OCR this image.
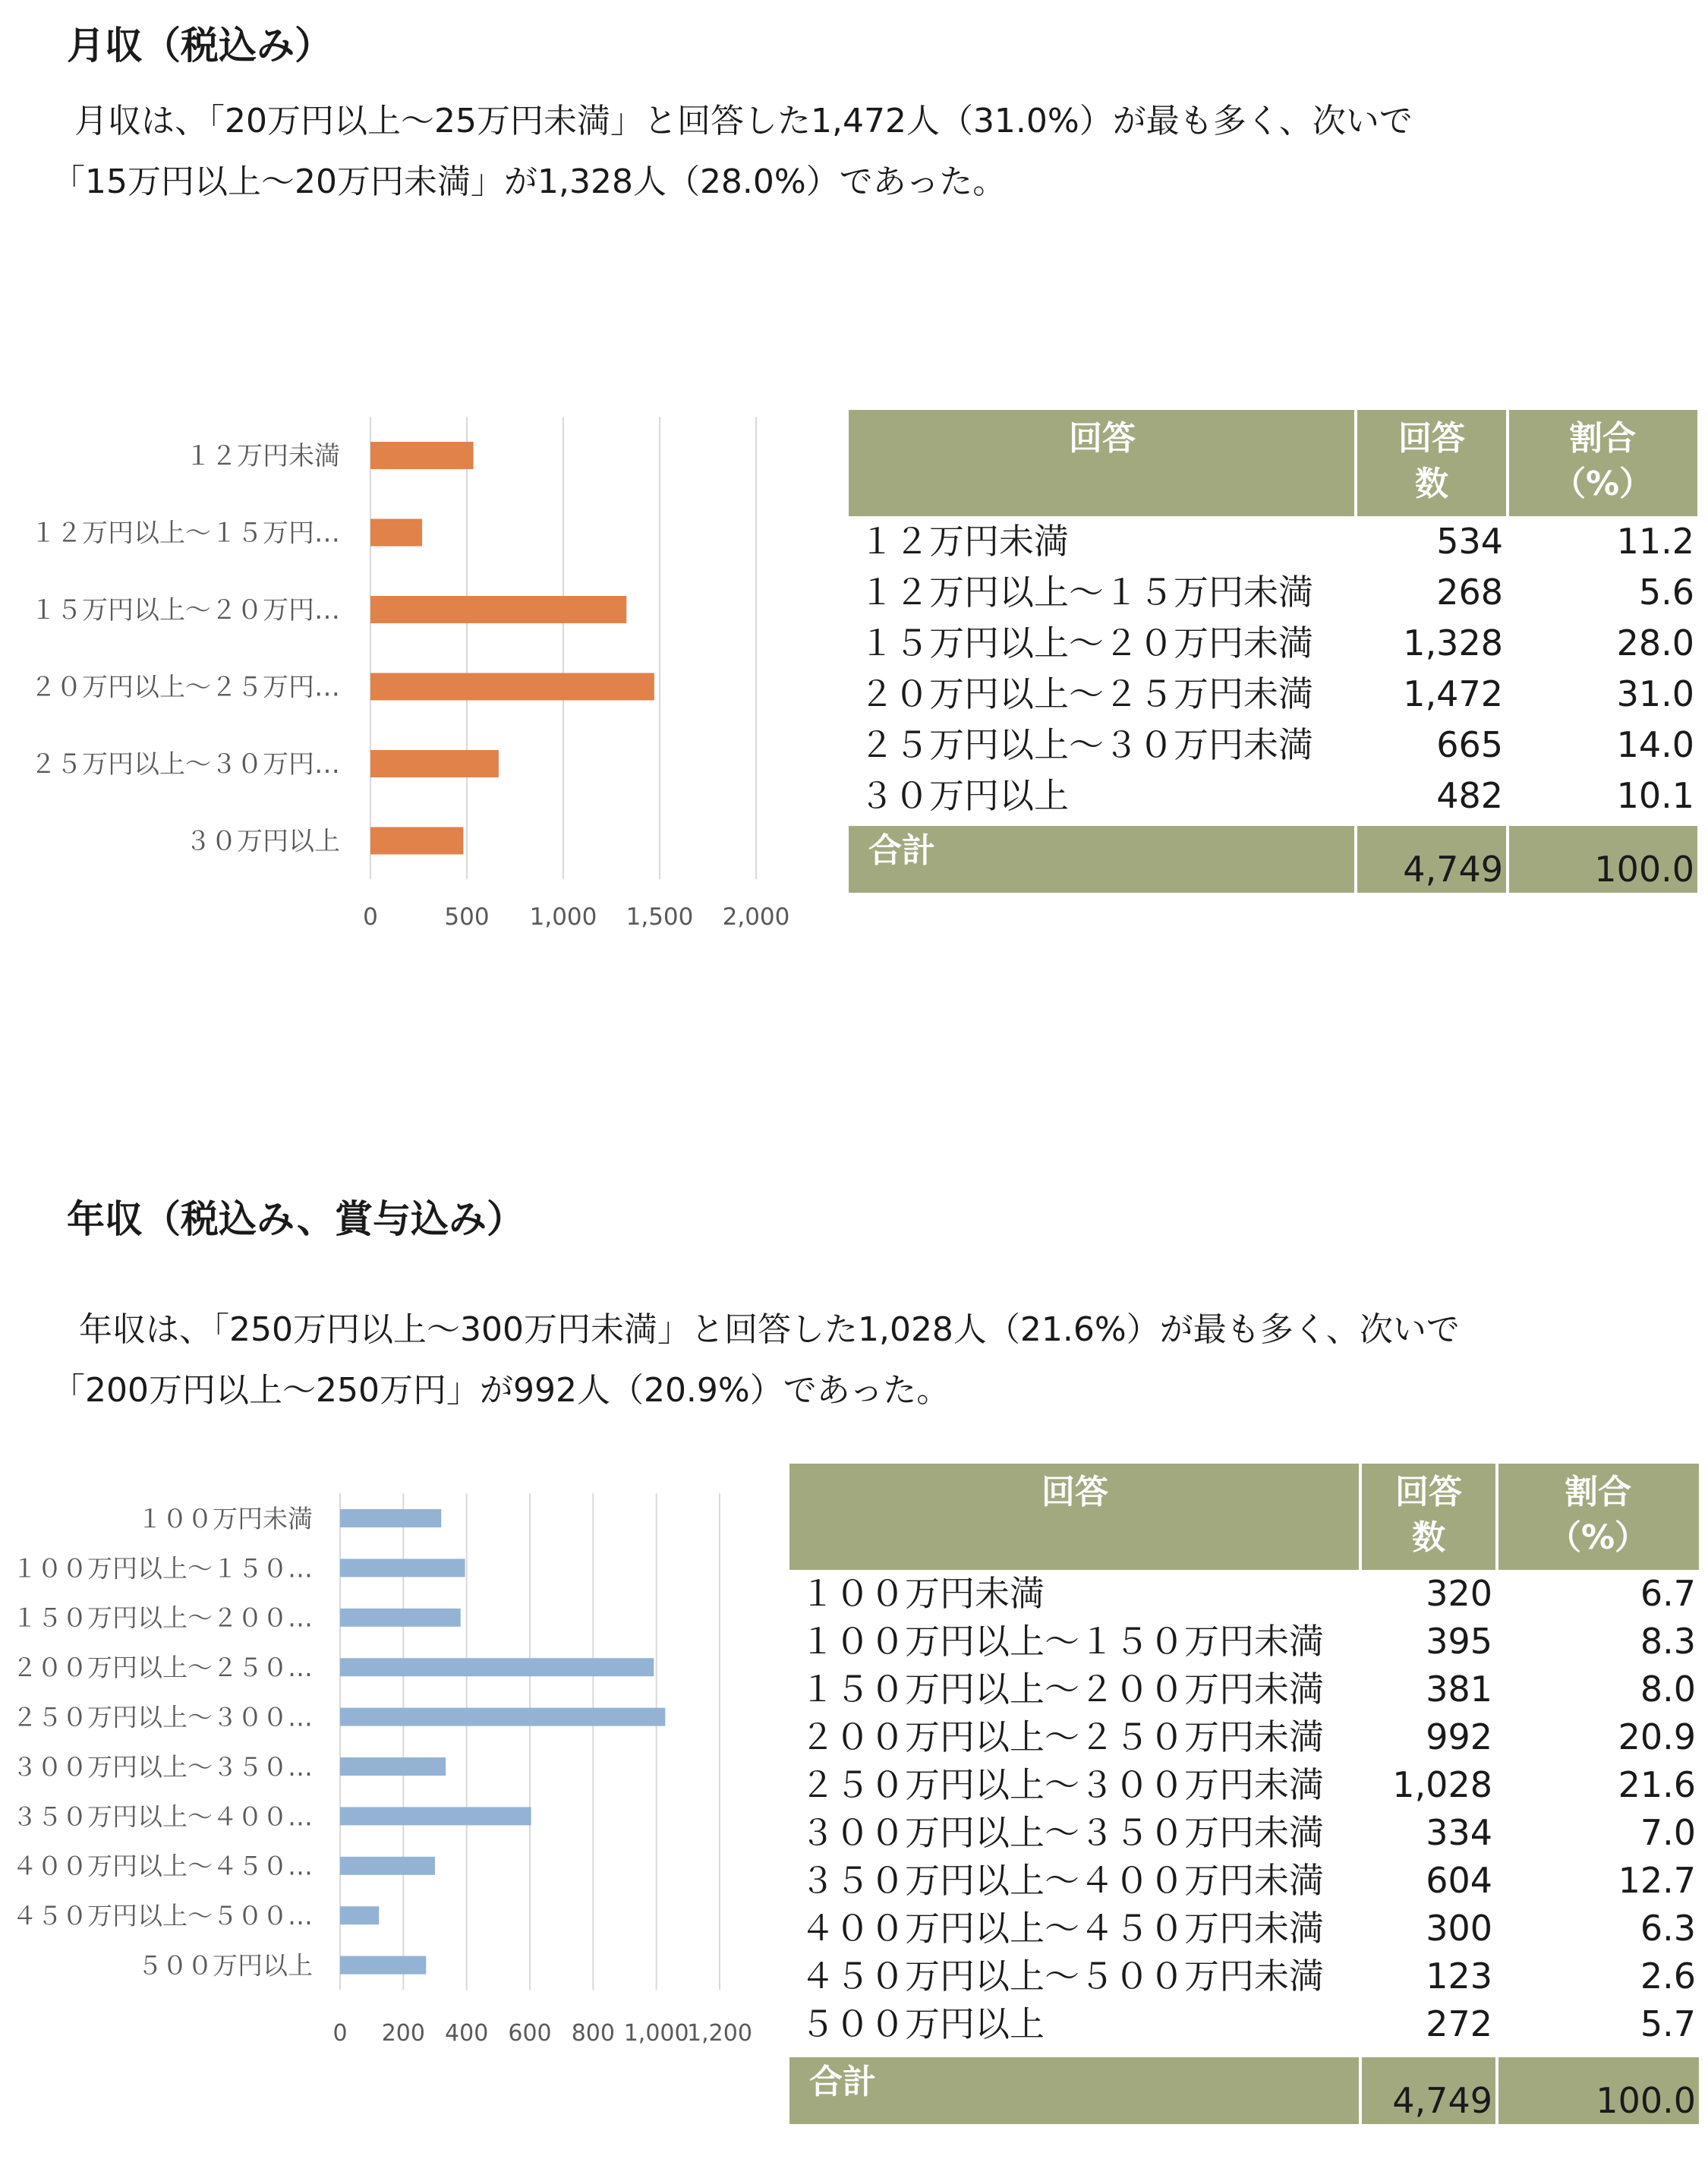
月収（税込み）
月収は、「20万円以上～25万円未満」と回答した1,472人（31.0%）が最も多く、次いで
「15万円以上～20万円未満」が1,328人（28.0%）であった。
0	500 1,000 1,500 2,000
１２万円未満
１２万円以上～１５万円…
１５万円以上～２０万円…
２０万円以上～２５万円…
２５万円以上～３０万円…
３０万円以上
回答	回答
数
割合
（%）
１２万円未満	534	11.2
１２万円以上～１５万円未満	268	5.6
１５万円以上～２０万円未満	1,328	28.0
２０万円以上～２５万円未満	1,472	31.0
２５万円以上～３０万円未満	665	14.0
３０万円以上	482	10.1
合計	4,749	100.0
年収（税込み、賞与込み）
年収は、「250万円以上～300万円未満」と回答した1,028人（21.6%）が最も多く、次いで
「200万円以上～250万円」が992人（20.9%）であった。
0 200 400 600 800 1,000
1,200
１００万円未満
１００万円以上～１５０…
１５０万円以上～２００…
２００万円以上～２５０…
２５０万円以上～３００…
３００万円以上～３５０…
３５０万円以上～４００…
４００万円以上～４５０…
４５０万円以上～５００…
５００万円以上
回答	回答
数
割合
（%）
１００万円未満	320	6.7
１００万円以上～１５０万円未満	395	8.3
１５０万円以上～２００万円未満	381	8.0
２００万円以上～２５０万円未満	992	20.9
２５０万円以上～３００万円未満	1,028	21.6
３００万円以上～３５０万円未満	334	7.0
３５０万円以上～４００万円未満	604	12.7
４００万円以上～４５０万円未満	300	6.3
４５０万円以上～５００万円未満	123	2.6
５００万円以上	272	5.7
合計	4,749	100.0
